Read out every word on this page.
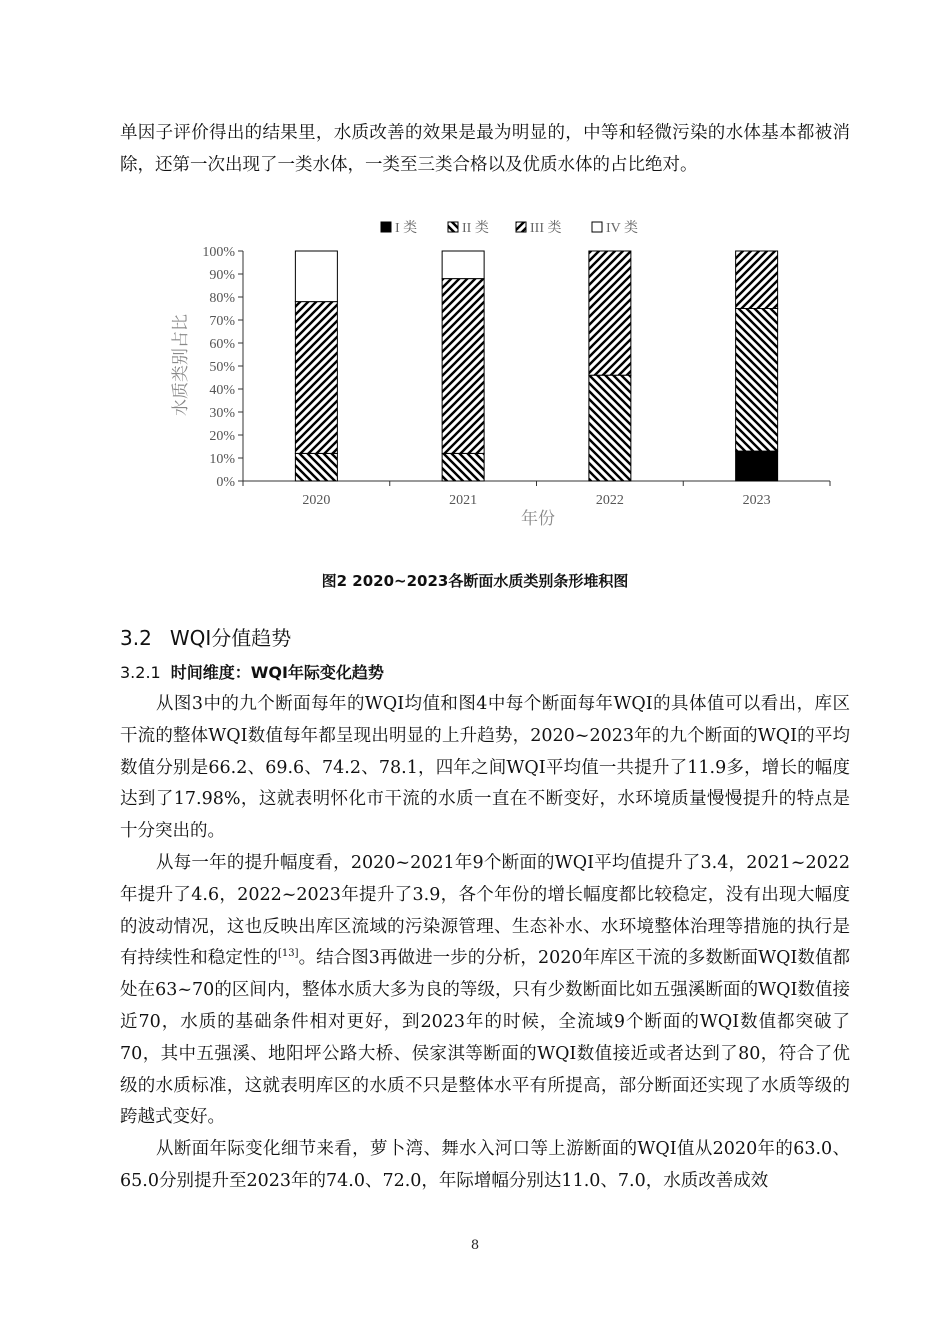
单因子评价得出的结果里，水质改善的效果是最为明显的，中等和轻微污染的水体基本都被消除，还第一次出现了一类水体，一类至三类合格以及优质水体的占比绝对。

I 类	II 类	III 类	IV 类
水质类别占比
0%
10%
20%
30%
40%
50%
60%
70%
80%
90%
100%
2020	2021	2022	2023
年份
图2 2020~2023各断面水质类别条形堆积图
3.2 WQI分值趋势
3.2.1 时间维度：WQI年际变化趋势

从图3中的九个断面每年的WQI均值和图4中每个断面每年WQI的具体值可以看出，库区干流的整体WQI数值每年都呈现出明显的上升趋势，2020~2023年的九个断面的WQI的平均数值分别是66.2、69.6、74.2、78.1，四年之间WQI平均值一共提升了11.9多，增长的幅度达到了17.98%，这就表明怀化市干流的水质一直在不断变好，水环境质量慢慢提升的特点是十分突出的。

从每一年的提升幅度看，2020~2021年9个断面的WQI平均值提升了3.4，2021~2022年提升了4.6，2022~2023年提升了3.9，各个年份的增长幅度都比较稳定，没有出现大幅度的波动情况，这也反映出库区流域的污染源管理、生态补水、水环境整体治理等措施的执行是有持续性和稳定性的[13]。结合图3再做进一步的分析，2020年库区干流的多数断面WQI数值都处在63~70的区间内，整体水质大多为良的等级，只有少数断面比如五强溪断面的WQI数值接近70，水质的基础条件相对更好，到2023年的时候，全流域9个断面的WQI数值都突破了70，其中五强溪、地阳坪公路大桥、侯家淇等断面的WQI数值接近或者达到了80，符合了优级的水质标准，这就表明库区的水质不只是整体水平有所提高，部分断面还实现了水质等级的跨越式变好。

从断面年际变化细节来看，萝卜湾、舞水入河口等上游断面的WQI值从2020年的63.0、65.0分别提升至2023年的74.0、72.0，年际增幅分别达11.0、7.0，水质改善成效

8
